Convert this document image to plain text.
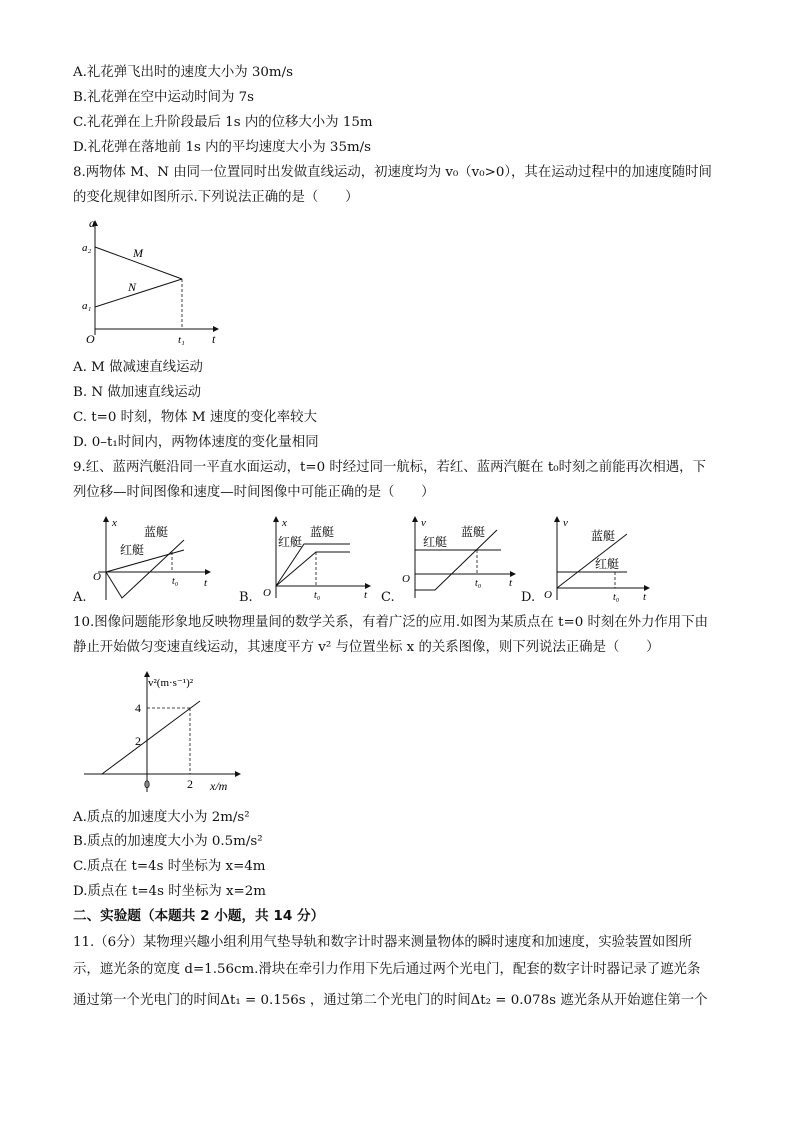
A.礼花弹飞出时的速度大小为 30m/s
B.礼花弹在空中运动时间为 7s
C.礼花弹在上升阶段最后 1s 内的位移大小为 15m
D.礼花弹在落地前 1s 内的平均速度大小为 35m/s
8.两物体 M、N 由同一位置同时出发做直线运动，初速度均为 v₀（v₀>0），其在运动过程中的加速度随时间
的变化规律如图所示.下列说法正确的是（　　）
a
t
O
a₂
a₁
M
N
t₁
A. M 做减速直线运动
B. N 做加速直线运动
C. t=0 时刻，物体 M 速度的变化率较大
D. 0–t₁时间内，两物体速度的变化量相同
9.红、蓝两汽艇沿同一平直水面运动，t=0 时经过同一航标，若红、蓝两汽艇在 t₀时刻之前能再次相遇，下
列位移—时间图像和速度—时间图像中可能正确的是（　　）
A.
x
t
O
蓝艇
红艇
t₀
B.
x
t
O
蓝艇
红艇
t₀	C.
v
t
O
蓝艇
红艇
t₀
D.
v
t
O
蓝艇
红艇
t₀
10.图像问题能形象地反映物理量间的数学关系，有着广泛的应用.如图为某质点在 t=0 时刻在外力作用下由
静止开始做匀变速直线运动，其速度平方 v² 与位置坐标 x 的关系图像，则下列说法正确是（　　）
v²(m·s⁻¹)²
x/m
4
2
0	2
A.质点的加速度大小为 2m/s²
B.质点的加速度大小为 0.5m/s²
C.质点在 t=4s 时坐标为 x=4m
D.质点在 t=4s 时坐标为 x=2m
二、实验题（本题共 2 小题，共 14 分）
11.（6分）某物理兴趣小组利用气垫导轨和数字计时器来测量物体的瞬时速度和加速度，实验装置如图所
示，遮光条的宽度 d=1.56cm.滑块在牵引力作用下先后通过两个光电门，配套的数字计时器记录了遮光条
通过第一个光电门的时间Δt₁ = 0.156s ，通过第二个光电门的时间Δt₂ = 0.078s 遮光条从开始遮住第一个
